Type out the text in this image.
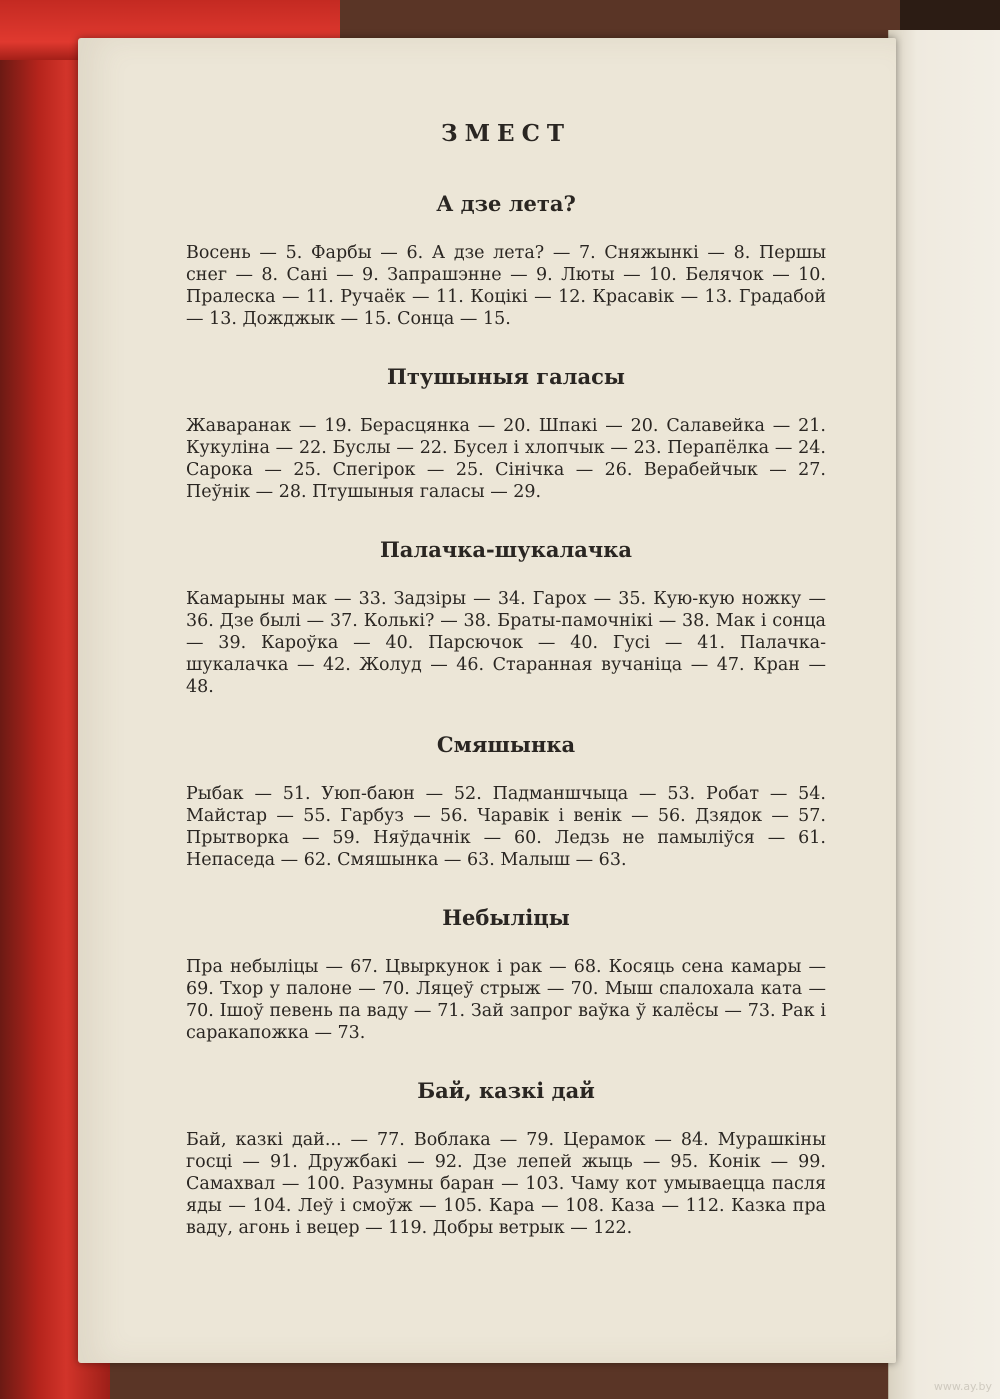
ЗМЕСТ
А дзе лета?
Восень — 5. Фарбы — 6. А дзе лета? — 7. Сняжынкі — 8. Першы снег — 8. Сані — 9. Запрашэнне — 9. Люты — 10. Белячок — 10. Пралеска — 11. Ручаёк — 11. Коцікі — 12. Красавік — 13. Градабой — 13. Дожджык — 15. Сонца — 15.
Птушыныя галасы
Жаваранак — 19. Берасцянка — 20. Шпакі — 20. Салавейка — 21. Кукуліна — 22. Буслы — 22. Бусел і хлопчык — 23. Перапёлка — 24. Сарока — 25. Спегірок — 25. Сінічка — 26. Верабейчык — 27. Пеўнік — 28. Птушыныя галасы — 29.
Палачка-шукалачка
Камарыны мак — 33. Задзіры — 34. Гарох — 35. Кую-кую ножку — 36. Дзе былі — 37. Колькі? — 38. Браты-памочнікі — 38. Мак і сонца — 39. Кароўка — 40. Парсючок — 40. Гусі — 41. Палачка-шукалачка — 42. Жолуд — 46. Старанная вучаніца — 47. Кран — 48.
Смяшынка
Рыбак — 51. Уюп-баюн — 52. Падманшчыца — 53. Робат — 54. Майстар — 55. Гарбуз — 56. Чаравік і венік — 56. Дзядок — 57. Прытворка — 59. Няўдачнік — 60. Ледзь не памыліўся — 61. Непаседа — 62. Смяшынка — 63. Малыш — 63.
Небыліцы
Пра небыліцы — 67. Цвыркунок і рак — 68. Косяць сена камары — 69. Тхор у палоне — 70. Ляцеў стрыж — 70. Мыш спалохала ката — 70. Ішоў певень па ваду — 71. Зай запрог ваўка ў калёсы — 73. Рак і саракапожка — 73.
Бай, казкі дай
Бай, казкі дай... — 77. Воблака — 79. Церамок — 84. Мурашкіны госці — 91. Дружбакі — 92. Дзе лепей жыць — 95. Конік — 99. Самахвал — 100. Разумны баран — 103. Чаму кот умываецца пасля яды — 104. Леў і смоўж — 105. Кара — 108. Каза — 112. Казка пра ваду, агонь і вецер — 119. Добры ветрык — 122.
www.ay.by
